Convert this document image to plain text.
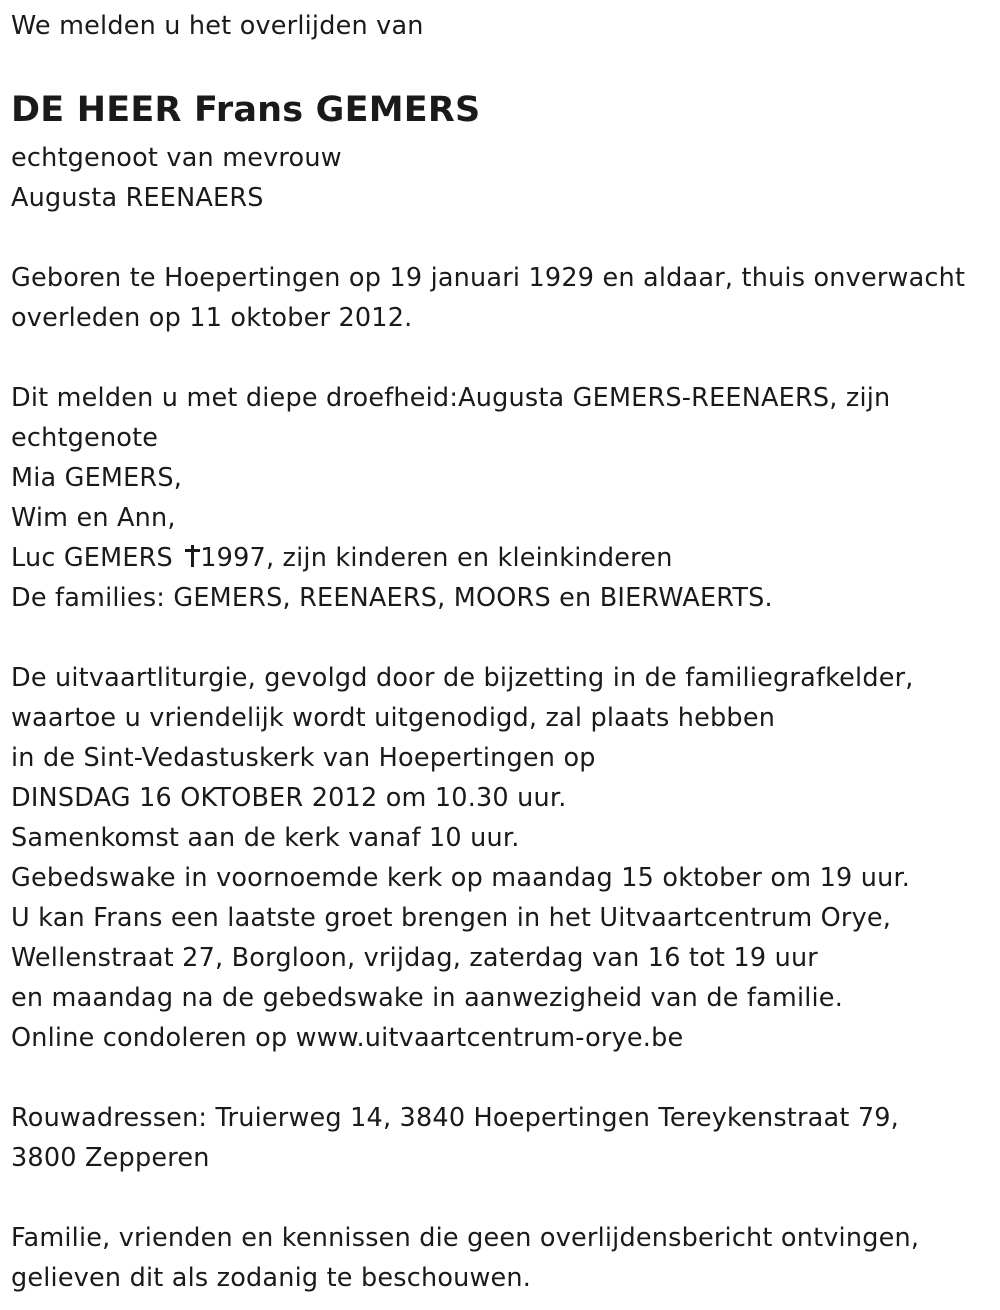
We melden u het overlijden van
DE HEER Frans GEMERS
echtgenoot van mevrouw
Augusta REENAERS
Geboren te Hoepertingen op 19 januari 1929 en aldaar, thuis onverwacht
overleden op 11 oktober 2012.
Dit melden u met diepe droefheid:Augusta GEMERS-REENAERS, zijn
echtgenote
Mia GEMERS,
Wim en Ann,
Luc GEMERS 1997, zijn kinderen en kleinkinderen
De families: GEMERS, REENAERS, MOORS en BIERWAERTS.
De uitvaartliturgie, gevolgd door de bijzetting in de familiegrafkelder,
waartoe u vriendelijk wordt uitgenodigd, zal plaats hebben
in de Sint-Vedastuskerk van Hoepertingen op
DINSDAG 16 OKTOBER 2012 om 10.30 uur.
Samenkomst aan de kerk vanaf 10 uur.
Gebedswake in voornoemde kerk op maandag 15 oktober om 19 uur.
U kan Frans een laatste groet brengen in het Uitvaartcentrum Orye,
Wellenstraat 27, Borgloon, vrijdag, zaterdag van 16 tot 19 uur
en maandag na de gebedswake in aanwezigheid van de familie.
Online condoleren op www.uitvaartcentrum-orye.be
Rouwadressen: Truierweg 14, 3840 Hoepertingen Tereykenstraat 79,
3800 Zepperen
Familie, vrienden en kennissen die geen overlijdensbericht ontvingen,
gelieven dit als zodanig te beschouwen.
